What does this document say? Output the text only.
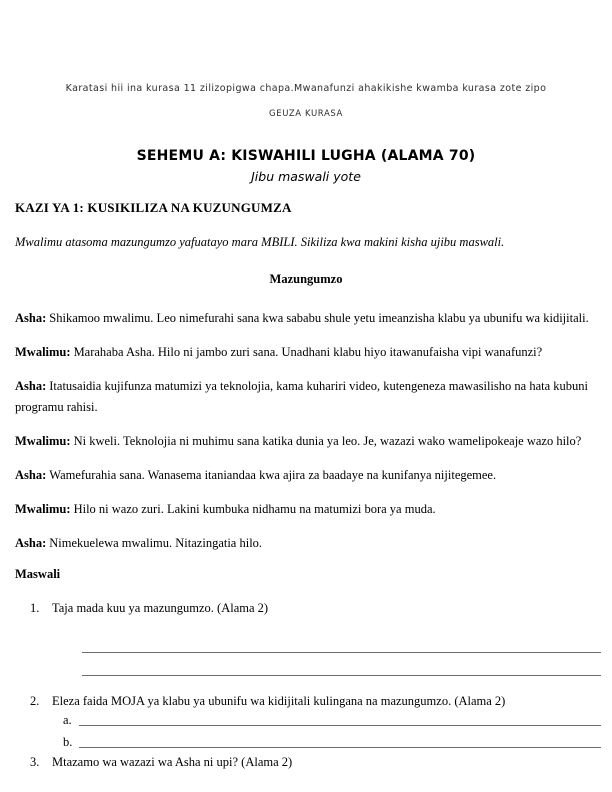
Karatasi hii ina kurasa 11 zilizopigwa chapa.Mwanafunzi ahakikishe kwamba kurasa zote zipo
GEUZA KURASA
SEHEMU A: KISWAHILI LUGHA (ALAMA 70)
Jibu maswali yote
KAZI YA 1: KUSIKILIZA NA KUZUNGUMZA
Mwalimu atasoma mazungumzo yafuatayo mara MBILI. Sikiliza kwa makini kisha ujibu maswali.
Mazungumzo

Asha: Shikamoo mwalimu. Leo nimefurahi sana kwa sababu shule yetu imeanzisha klabu ya ubunifu wa kidijitali.

Mwalimu: Marahaba Asha. Hilo ni jambo zuri sana. Unadhani klabu hiyo itawanufaisha vipi wanafunzi?

Asha: Itatusaidia kujifunza matumizi ya teknolojia, kama kuhariri video, kutengeneza mawasilisho na hata kubuni programu rahisi.

Mwalimu: Ni kweli. Teknolojia ni muhimu sana katika dunia ya leo. Je, wazazi wako wamelipokeaje wazo hilo?

Asha: Wamefurahia sana. Wanasema itaniandaa kwa ajira za baadaye na kunifanya nijitegemee.

Mwalimu: Hilo ni wazo zuri. Lakini kumbuka nidhamu na matumizi bora ya muda.

Asha: Nimekuelewa mwalimu. Nitazingatia hilo.

Maswali
1. Taja mada kuu ya mazungumzo. (Alama 2)
2. Eleza faida MOJA ya klabu ya ubunifu wa kidijitali kulingana na mazungumzo. (Alama 2)
a.
b.
3. Mtazamo wa wazazi wa Asha ni upi? (Alama 2)
